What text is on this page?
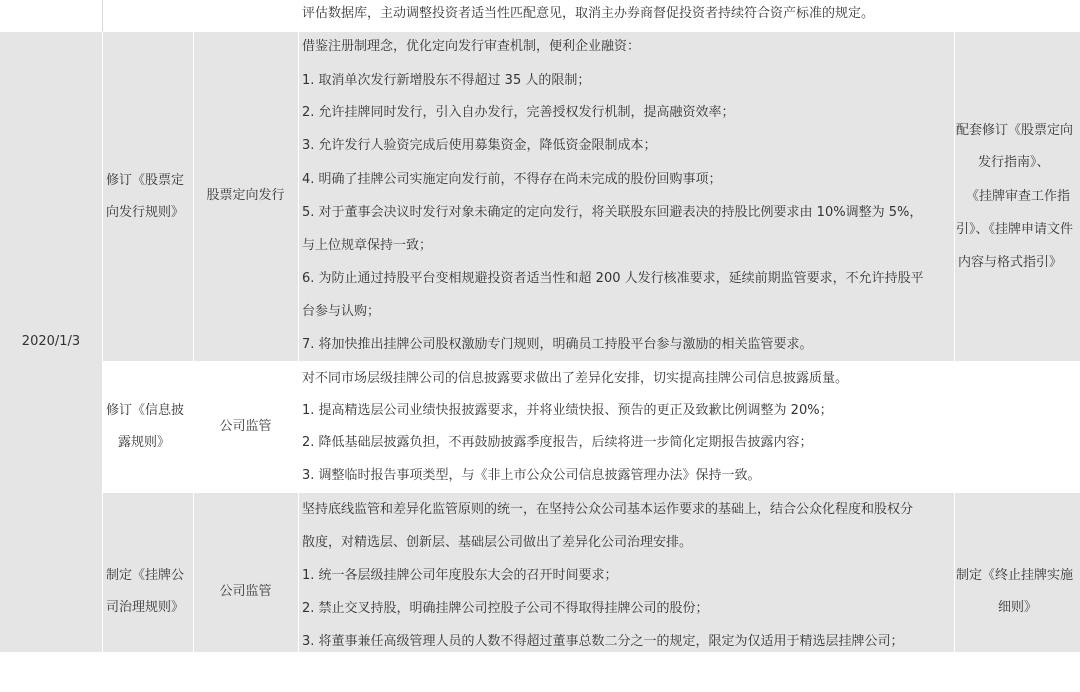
评估数据库，主动调整投资者适当性匹配意见，取消主办券商督促投资者持续符合资产标准的规定。
2020/1/3
修订《股票定
向发行规则》
股票定向发行
借鉴注册制理念，优化定向发行审查机制，便利企业融资：
1. 取消单次发行新增股东不得超过 35 人的限制；
2. 允许挂牌同时发行，引入自办发行，完善授权发行机制，提高融资效率；
3. 允许发行人验资完成后使用募集资金，降低资金限制成本；
4. 明确了挂牌公司实施定向发行前，不得存在尚未完成的股份回购事项；
5. 对于董事会决议时发行对象未确定的定向发行，将关联股东回避表决的持股比例要求由 10%调整为 5%，
与上位规章保持一致；
6. 为防止通过持股平台变相规避投资者适当性和超 200 人发行核准要求，延续前期监管要求，不允许持股平
台参与认购；
7. 将加快推出挂牌公司股权激励专门规则，明确员工持股平台参与激励的相关监管要求。
配套修订《股票定向
发行指南》、
《挂牌审查工作指
引》、《挂牌申请文件
内容与格式指引》
修订《信息披
露规则》
公司监管
对不同市场层级挂牌公司的信息披露要求做出了差异化安排，切实提高挂牌公司信息披露质量。
1. 提高精选层公司业绩快报披露要求，并将业绩快报、预告的更正及致歉比例调整为 20%；
2. 降低基础层披露负担，不再鼓励披露季度报告，后续将进一步简化定期报告披露内容；
3. 调整临时报告事项类型，与《非上市公众公司信息披露管理办法》保持一致。
制定《挂牌公
司治理规则》
公司监管
坚持底线监管和差异化监管原则的统一，在坚持公众公司基本运作要求的基础上，结合公众化程度和股权分
散度，对精选层、创新层、基础层公司做出了差异化公司治理安排。
1. 统一各层级挂牌公司年度股东大会的召开时间要求；
2. 禁止交叉持股，明确挂牌公司控股子公司不得取得挂牌公司的股份；
3. 将董事兼任高级管理人员的人数不得超过董事总数二分之一的规定，限定为仅适用于精选层挂牌公司；
制定《终止挂牌实施
细则》
